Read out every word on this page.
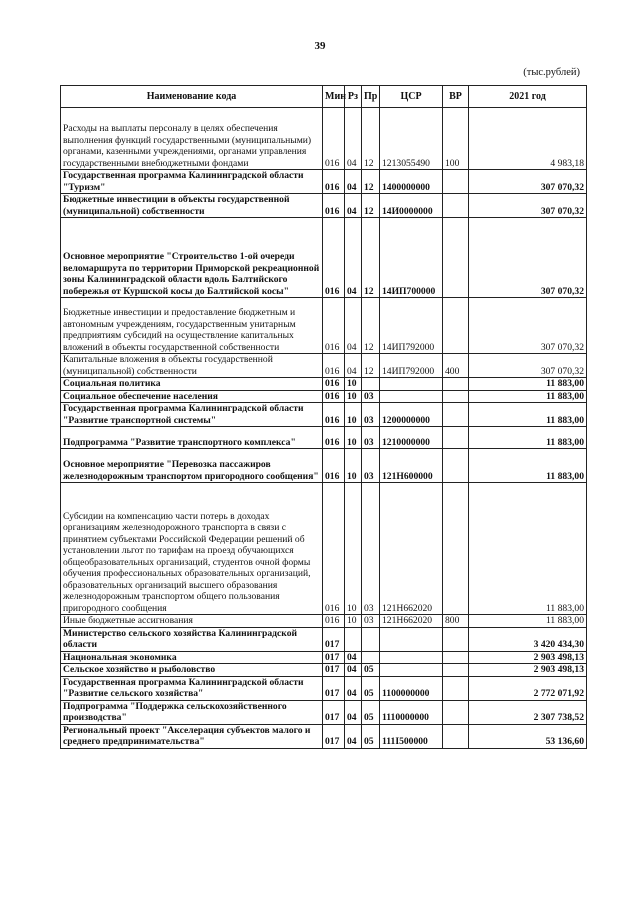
39
(тыс.рублей)
Наименование кода	Мин	Рз	Пр	ЦСР	ВР	2021 год
Расходы на выплаты персоналу в целях обеспечения выполнения функций государственными (муниципальными) органами, казенными учреждениями, органами управления государственными внебюджетными фондами	016	04	12	1213055490	100	4 983,18
Государственная программа Калининградской области "Туризм"	016	04	12	1400000000		307 070,32
Бюджетные инвестиции в объекты государственной (муниципальной) собственности	016	04	12	14И0000000		307 070,32
Основное мероприятие "Строительство 1-ой очереди веломаршрута по территории Приморской рекреационной зоны Калининградской области вдоль Балтийского побережья от Куршской косы до Балтийской косы"	016	04	12	14ИП700000		307 070,32
Бюджетные инвестиции и предоставление бюджетным и автономным учреждениям, государственным унитарным предприятиям субсидий на осуществление капитальных вложений в объекты государственной собственности	016	04	12	14ИП792000		307 070,32
Капитальные вложения в объекты государственной (муниципальной) собственности	016	04	12	14ИП792000	400	307 070,32
Социальная политика	016	10				11 883,00
Социальное обеспечение населения	016	10	03			11 883,00
Государственная программа Калининградской области "Развитие транспортной системы"	016	10	03	1200000000		11 883,00
Подпрограмма "Развитие транспортного комплекса"	016	10	03	1210000000		11 883,00
Основное мероприятие "Перевозка пассажиров железнодорожным транспортом пригородного сообщения"	016	10	03	121Н600000		11 883,00
Субсидии на компенсацию части потерь в доходах организациям железнодорожного транспорта в связи с принятием субъектами Российской Федерации решений об установлении льгот по тарифам на проезд обучающихся общеобразовательных организаций, студентов очной формы обучения профессиональных образовательных организаций, образовательных организаций высшего образования железнодорожным транспортом общего пользования пригородного сообщения	016	10	03	121Н662020		11 883,00
Иные бюджетные ассигнования	016	10	03	121Н662020	800	11 883,00
Министерство сельского хозяйства Калининградской области	017					3 420 434,30
Национальная экономика	017	04				2 903 498,13
Сельское хозяйство и рыболовство	017	04	05			2 903 498,13
Государственная программа Калининградской области "Развитие сельского хозяйства"	017	04	05	1100000000		2 772 071,92
Подпрограмма "Поддержка сельскохозяйственного производства"	017	04	05	1110000000		2 307 738,52
Региональный проект "Акселерация субъектов малого и среднего предпринимательства"	017	04	05	111I500000		53 136,60
